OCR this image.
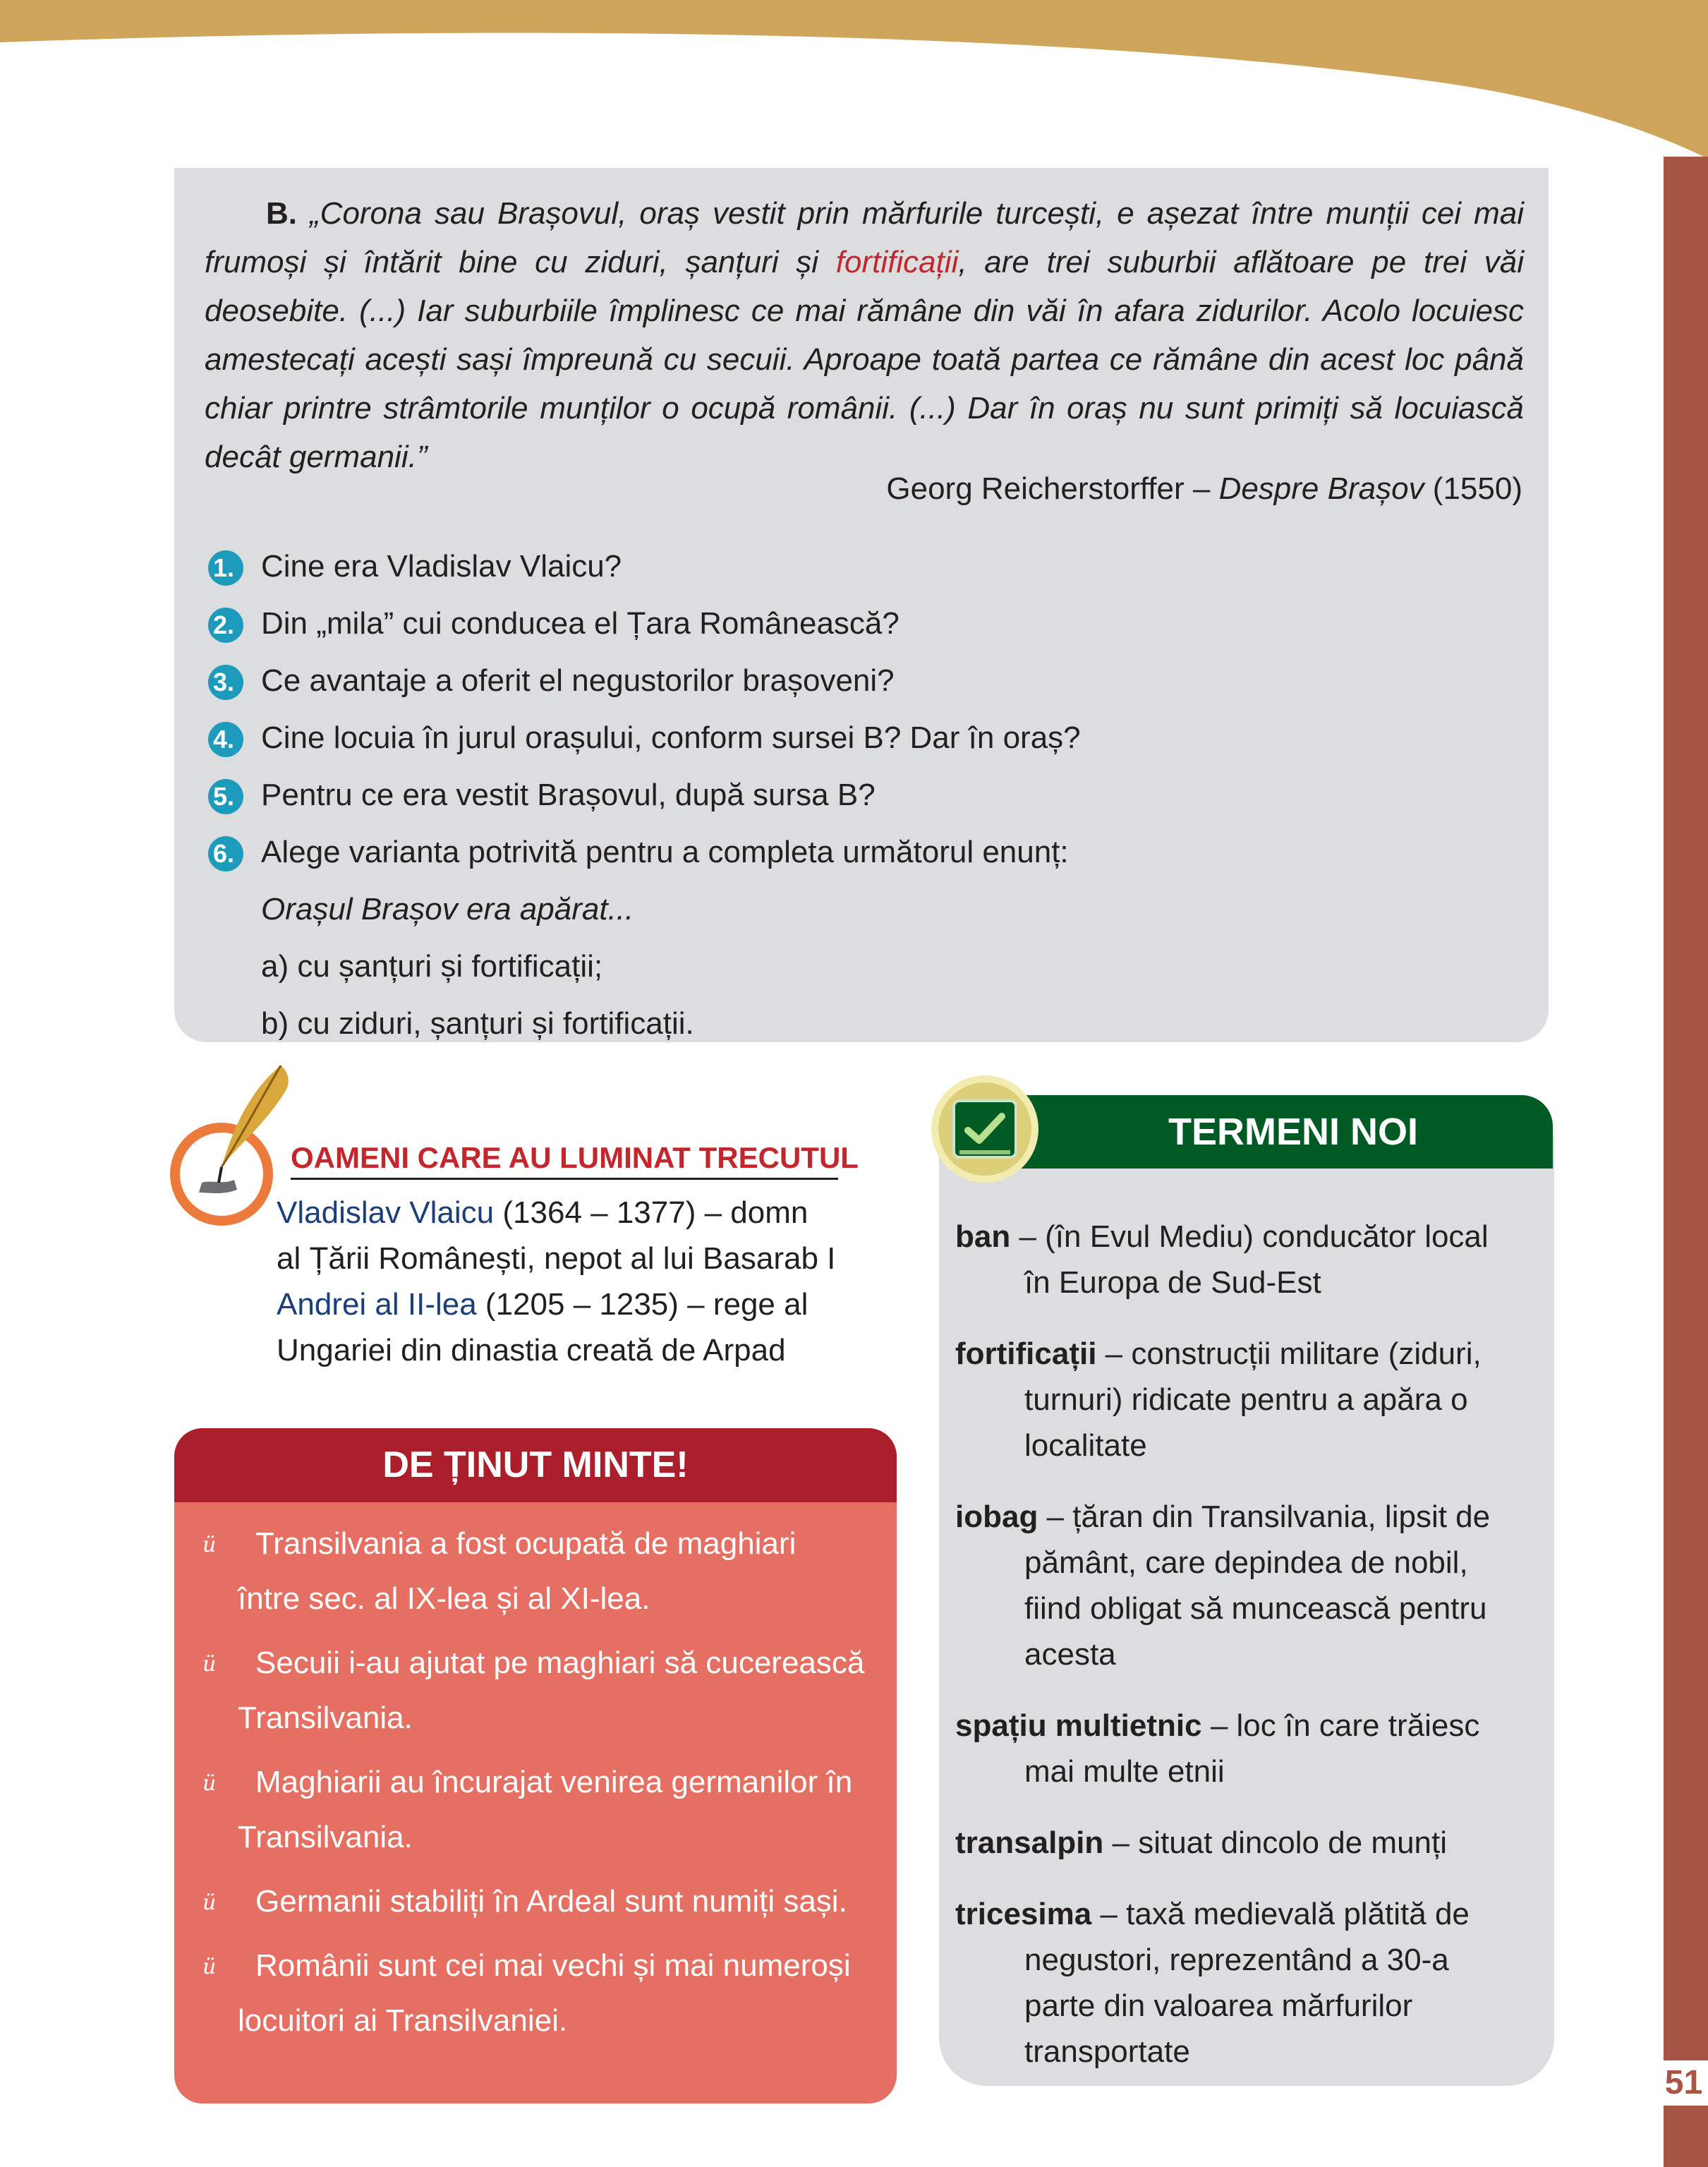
51
B. „Corona sau Brașovul, oraș vestit prin mărfurile turcești, e așezat între munții cei mai frumoși și întărit bine cu ziduri, șanțuri și fortificații, are trei suburbii aflătoare pe trei văi deosebite. (...) Iar suburbiile împlinesc ce mai rămâne din văi în afara zidurilor. Acolo locuiesc amestecați acești sași împreună cu secuii. Aproape toată partea ce rămâne din acest loc până chiar printre strâmtorile munților o ocupă românii. (...) Dar în oraș nu sunt primiți să locuiască decât germanii.”
Georg Reicherstorffer – Despre Brașov (1550)
1. Cine era Vladislav Vlaicu?
2. Din „mila” cui conducea el Țara Românească?
3. Ce avantaje a oferit el negustorilor brașoveni?
4. Cine locuia în jurul orașului, conform sursei B? Dar în oraș?
5. Pentru ce era vestit Brașovul, după sursa B?
6. Alege varianta potrivită pentru a completa următorul enunț:
Orașul Brașov era apărat...
a) cu șanțuri și fortificații;
b) cu ziduri, șanțuri și fortificații.
OAMENI CARE AU LUMINAT TRECUTUL
Vladislav Vlaicu (1364 – 1377) – domn
al Țării Românești, nepot al lui Basarab I
Andrei al II-lea (1205 – 1235) – rege al
Ungariei din dinastia creată de Arpad
DE ȚINUT MINTE!
ü	Transilvania a fost ocupată de maghiari
între sec. al IX-lea și al XI-lea.
ü	Secuii i-au ajutat pe maghiari să cucerească
Transilvania.
ü	Maghiarii au încurajat venirea germanilor în
Transilvania.
ü	Germanii stabiliți în Ardeal sunt numiți sași.
ü	Românii sunt cei mai vechi și mai numeroși
locuitori ai Transilvaniei.
TERMENI NOI
ban – (în Evul Mediu) conducător local
în Europa de Sud-Est
fortificații – construcții militare (ziduri,
turnuri) ridicate pentru a apăra o
localitate
iobag – țăran din Transilvania, lipsit de
pământ, care depindea de nobil,
fiind obligat să muncească pentru
acesta
spațiu multietnic – loc în care trăiesc
mai multe etnii
transalpin – situat dincolo de munți
tricesima – taxă medievală plătită de
negustori, reprezentând a 30-a
parte din valoarea mărfurilor
transportate
